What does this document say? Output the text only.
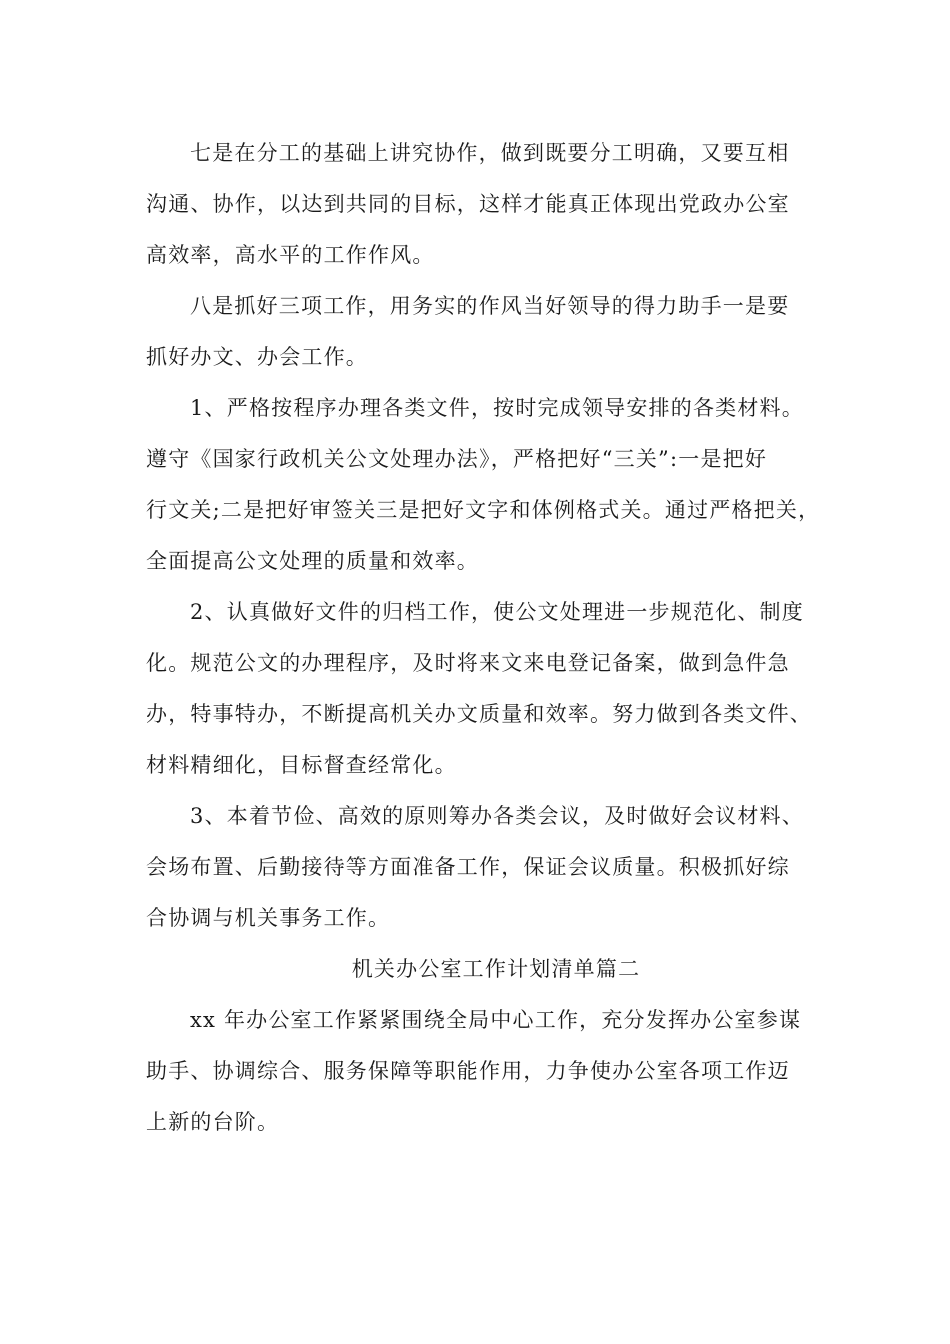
七是在分工的基础上讲究协作，做到既要分工明确，又要互相
沟通、协作，以达到共同的目标，这样才能真正体现出党政办公室
高效率，高水平的工作作风。
八是抓好三项工作，用务实的作风当好领导的得力助手一是要
抓好办文、办会工作。
1、严格按程序办理各类文件，按时完成领导安排的各类材料。
遵守《国家行政机关公文处理办法》，严格把好“三关”:一是把好
行文关;二是把好审签关三是把好文字和体例格式关。通过严格把关，
全面提高公文处理的质量和效率。
2、认真做好文件的归档工作，使公文处理进一步规范化、制度
化。规范公文的办理程序，及时将来文来电登记备案，做到急件急
办，特事特办，不断提高机关办文质量和效率。努力做到各类文件、
材料精细化，目标督查经常化。
3、本着节俭、高效的原则筹办各类会议，及时做好会议材料、
会场布置、后勤接待等方面准备工作，保证会议质量。积极抓好综
合协调与机关事务工作。
机关办公室工作计划清单篇二
xx 年办公室工作紧紧围绕全局中心工作，充分发挥办公室参谋
助手、协调综合、服务保障等职能作用，力争使办公室各项工作迈
上新的台阶。
